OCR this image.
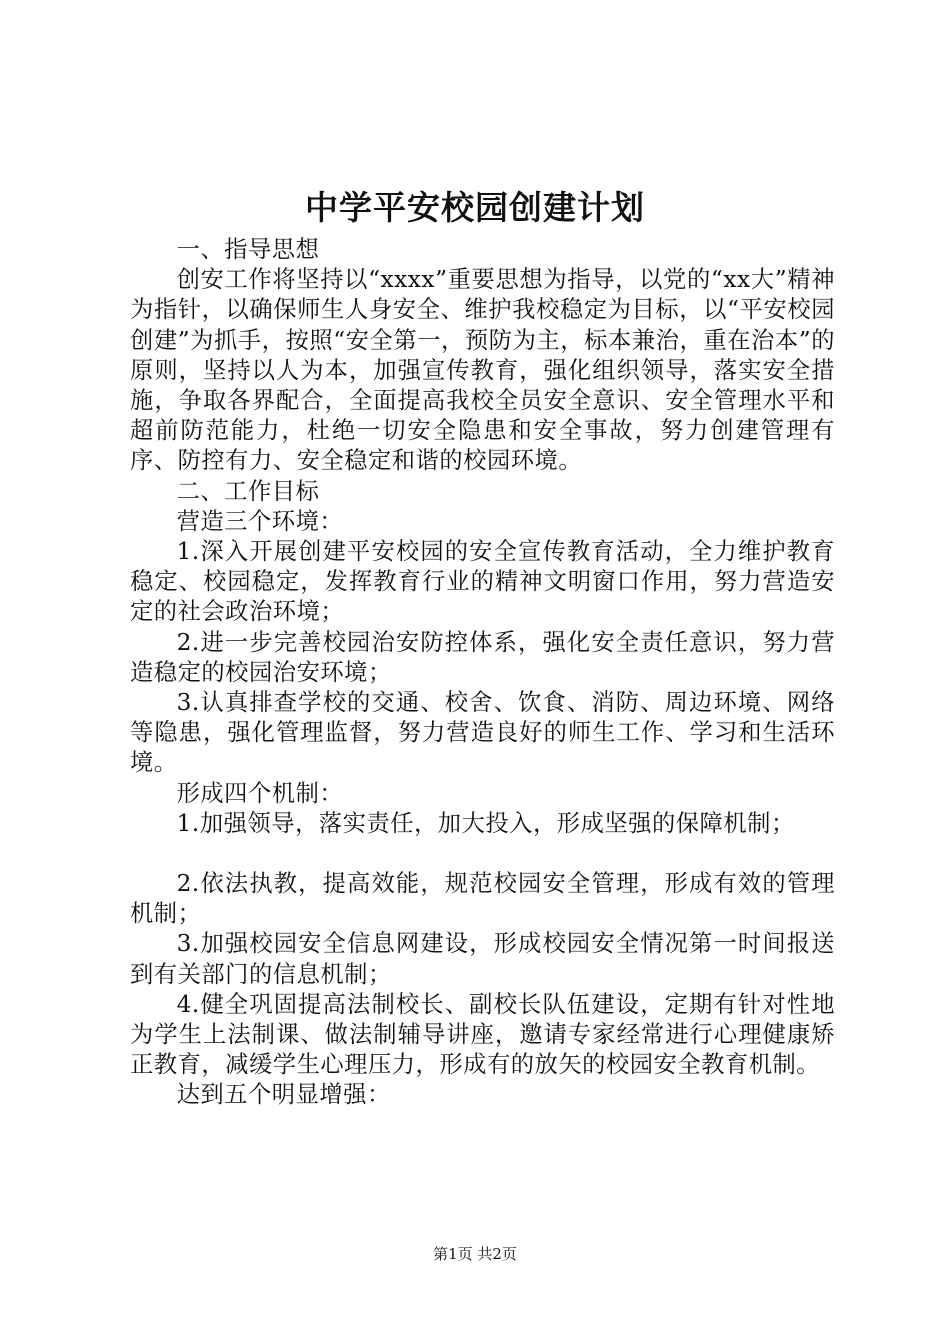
中学平安校园创建计划

一、指导思想

创安工作将坚持以“xxxx”重要思想为指导，以党的“xx大”精神为指针，以确保师生人身安全、维护我校稳定为目标，以“平安校园创建”为抓手，按照“安全第一，预防为主，标本兼治，重在治本”的原则，坚持以人为本，加强宣传教育，强化组织领导，落实安全措施，争取各界配合，全面提高我校全员安全意识、安全管理水平和超前防范能力，杜绝一切安全隐患和安全事故，努力创建管理有序、防控有力、安全稳定和谐的校园环境。

二、工作目标

营造三个环境：

1.深入开展创建平安校园的安全宣传教育活动，全力维护教育稳定、校园稳定，发挥教育行业的精神文明窗口作用，努力营造安定的社会政治环境；

2.进一步完善校园治安防控体系，强化安全责任意识，努力营造稳定的校园治安环境；

3.认真排查学校的交通、校舍、饮食、消防、周边环境、网络等隐患，强化管理监督，努力营造良好的师生工作、学习和生活环境。

形成四个机制：

1.加强领导，落实责任，加大投入，形成坚强的保障机制；

2.依法执教，提高效能，规范校园安全管理，形成有效的管理机制；

3.加强校园安全信息网建设，形成校园安全情况第一时间报送到有关部门的信息机制；

4.健全巩固提高法制校长、副校长队伍建设，定期有针对性地为学生上法制课、做法制辅导讲座，邀请专家经常进行心理健康矫正教育，减缓学生心理压力，形成有的放矢的校园安全教育机制。

达到五个明显增强：

第1页 共2页
